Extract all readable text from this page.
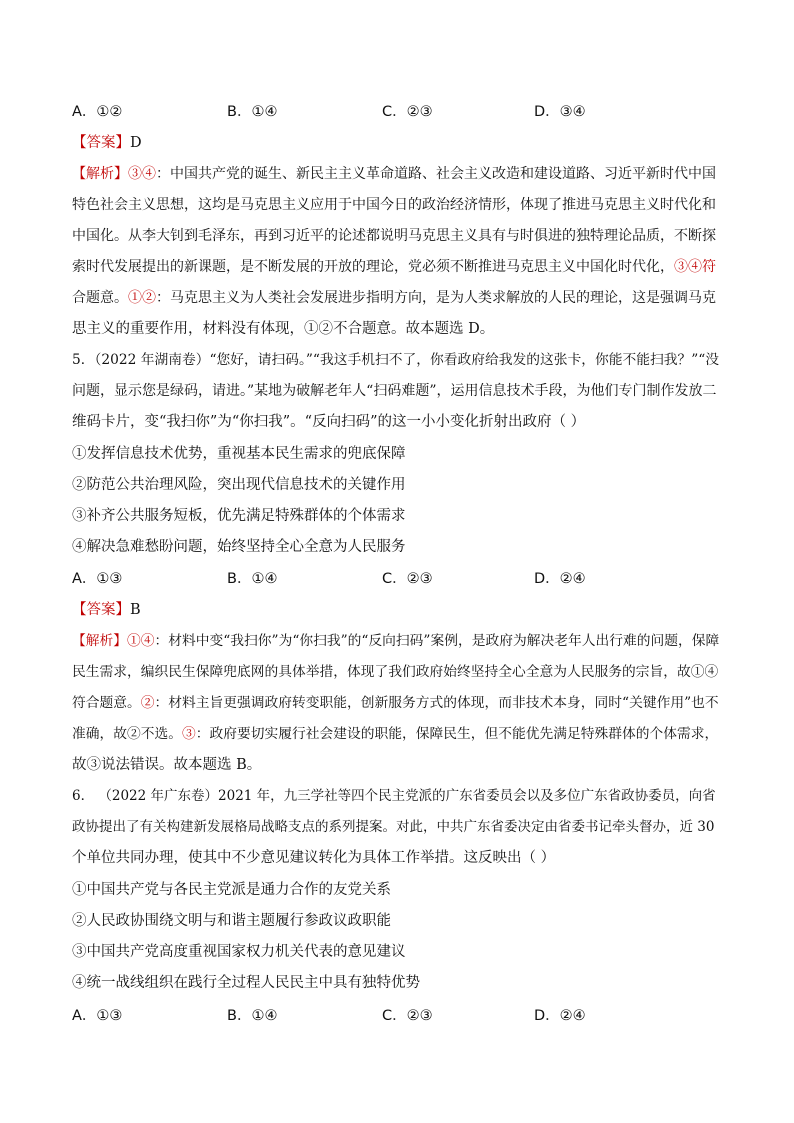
A．①②	B．①④	C．②③	D．③④
【答案】D
【解析】③④：中国共产党的诞生、新民主主义革命道路、社会主义改造和建设道路、习近平新时代中国
特色社会主义思想，这均是马克思主义应用于中国今日的政治经济情形，体现了推进马克思主义时代化和
中国化。从李大钊到毛泽东，再到习近平的论述都说明马克思主义具有与时俱进的独特理论品质，不断探
索时代发展提出的新课题，是不断发展的开放的理论，党必须不断推进马克思主义中国化时代化，③④符
合题意。①②：马克思主义为人类社会发展进步指明方向，是为人类求解放的人民的理论，这是强调马克
思主义的重要作用，材料没有体现，①②不合题意。故本题选 D。
5．（2022 年湖南卷）“您好，请扫码。”“我这手机扫不了，你看政府给我发的这张卡，你能不能扫我？”“没
问题，显示您是绿码，请进。”某地为破解老年人“扫码难题”，运用信息技术手段，为他们专门制作发放二
维码卡片，变“我扫你”为“你扫我”。“反向扫码”的这一小小变化折射出政府（ ）
①发挥信息技术优势，重视基本民生需求的兜底保障
②防范公共治理风险，突出现代信息技术的关键作用
③补齐公共服务短板，优先满足特殊群体的个体需求
④解决急难愁盼问题，始终坚持全心全意为人民服务
A．①③	B．①④	C．②③	D．②④
【答案】B
【解析】①④：材料中变“我扫你”为“你扫我”的“反向扫码”案例，是政府为解决老年人出行难的问题，保障
民生需求，编织民生保障兜底网的具体举措，体现了我们政府始终坚持全心全意为人民服务的宗旨，故①④
符合题意。②：材料主旨更强调政府转变职能，创新服务方式的体现，而非技术本身，同时“关键作用”也不
准确，故②不选。③：政府要切实履行社会建设的职能，保障民生，但不能优先满足特殊群体的个体需求，
故③说法错误。故本题选 B。
6． （2022 年广东卷）2021 年，九三学社等四个民主党派的广东省委员会以及多位广东省政协委员，向省
政协提出了有关构建新发展格局战略支点的系列提案。对此，中共广东省委决定由省委书记牵头督办，近 30
个单位共同办理，使其中不少意见建议转化为具体工作举措。这反映出（ ）
①中国共产党与各民主党派是通力合作的友党关系
②人民政协围绕文明与和谐主题履行参政议政职能
③中国共产党高度重视国家权力机关代表的意见建议
④统一战线组织在践行全过程人民民主中具有独特优势
A．①③	B．①④	C．②③	D．②④
